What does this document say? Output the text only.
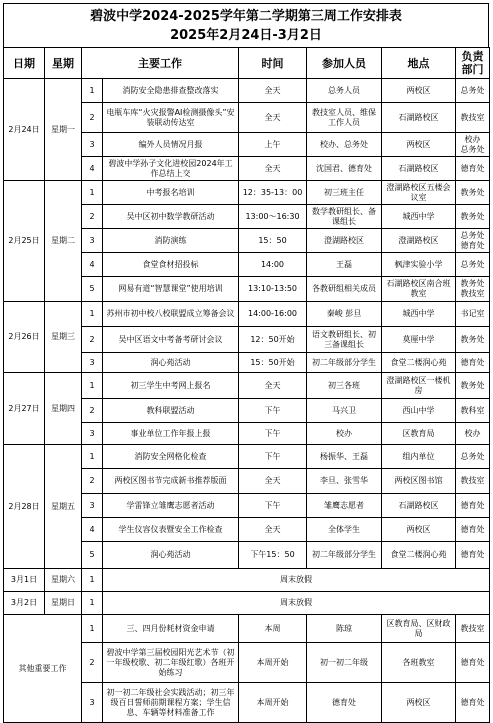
碧波中学2024-2025学年第二学期第三周工作安排表
2025年2月24日-3月2日
日期	星期	主要工作		时间	参加人员	地点	负责
部门
2月24日	星期一	1	消防安全隐患排查整改落实	全天	总务人员	两校区	总务处
		2	电瓶车库“火灾报警AI检测摄像头”安装联动传达室	全天	教技室人员、维保工作人员	石湖路校区	教技室
		3	编外人员情况月报	上午	校办、总务处	两校区	校办
总务处
		4	碧波中学孙子文化进校园2024年工作总结上交	全天	沈国君、德育处	石湖路校区	德育处
2月25日	星期二	1	中考报名培训	12：35-13：00	初三班主任	澄湖路校区五楼会议室	教务处
		2	吴中区初中数学教研活动	13:00～16:30	数学教研组长、备课组长	城西中学	教务处
		3	消防演练	15：50	澄湖路校区	澄湖路校区	总务处
德育处
		4	食堂食材招投标	14:00	王磊	枫津实验小学	总务处
		5	网易有道“智慧课堂”使用培训	13:10-13:50	各教研组相关成员	石湖路校区南合班教室	教务处
教技室
2月26日	星期三	1	苏州市初中校八校联盟成立筹备会议	14:00-16:00	秦峻 彭旦	城西中学	书记室
		2	吴中区语文中考备考研讨会议	12：50开始	语文教研组长、初三备课组长	莫厘中学	教务处
		3	润心苑活动	15：50开始	初二年级部分学生	食堂二楼润心苑	德育处
2月27日	星期四	1	初三学生中考网上报名	全天	初三各班	澄湖路校区一楼机房	教务处
		2	教科联盟活动	下午	马兴卫	西山中学	教科室
		3	事业单位工作年报上报	下午	校办	区教育局	校办
2月28日	星期五	1	消防安全网格化检查	下午	杨振华、王磊	组内单位	总务处
		2	两校区图书节完成新书推荐版面	全天	李旦、张雪华	两校区图书馆	教技室
		3	学雷锋立雏鹰志愿者活动	下午	雏鹰志愿者	石湖路校区	德育处
		4	学生仪容仪表暨安全工作检查	全天	全体学生	两校区	德育处
		5	润心苑活动	下午15：50	初二年级部分学生	食堂二楼润心苑	德育处
3月1日	星期六	1	周末放假				
3月2日	星期日	1	周末放假				
其他重要工作		1	三、四月份耗材资金申请	本周	陈琼	区教育局、区财政局	教技室
		2	碧波中学第三届校园阳光艺术节（初一年级校歌、初二年级红歌）各班开始练习	本周开始	初一初二年级	各班教室	德育处
		3	初一初二年级社会实践活动；初三年级百日誓师前期课程方案；学生信息、车辆等材料准备工作	本周开始	德育处	两校区	德育处
